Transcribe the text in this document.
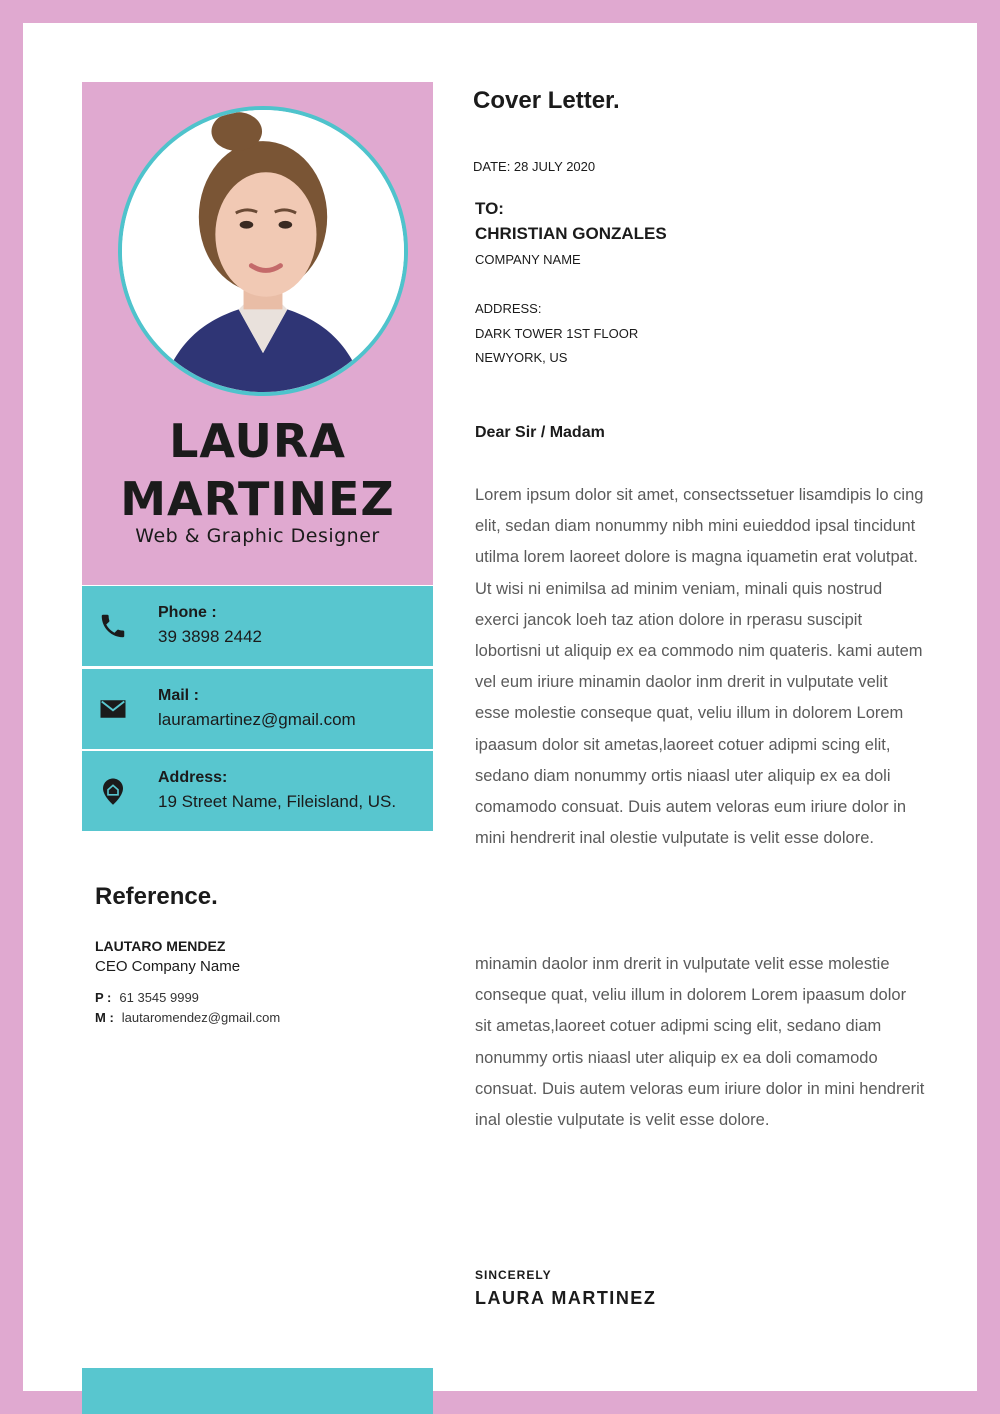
LAURA
MARTINEZ
Web & Graphic Designer
Phone :
39 3898 2442
Mail :
lauramartinez@gmail.com
Address:
19 Street Name, Fileisland, US.
Reference.
LAUTARO MENDEZ
CEO Company Name
P : 61 3545 9999
M : lautaromendez@gmail.com
Cover Letter.
DATE: 28 JULY 2020
TO:
CHRISTIAN GONZALES
COMPANY NAME
ADDRESS:
DARK TOWER 1ST FLOOR
NEWYORK, US
Dear Sir / Madam

Lorem ipsum dolor sit amet, consectssetuer lisamdipis lo cing elit, sedan diam nonummy nibh mini euieddod ipsal tincidunt utilma lorem laoreet dolore is magna iquametin erat volutpat. Ut wisi ni enimilsa ad minim veniam, minali quis nostrud exerci jancok loeh taz ation dolore in rperasu suscipit lobortisni ut aliquip ex ea commodo nim quateris. kami autem vel eum iriure minamin daolor inm drerit in vulputate velit esse molestie conseque quat, veliu illum in dolorem Lorem ipaasum dolor sit ametas,laoreet cotuer adipmi scing elit, sedano diam nonummy ortis niaasl uter aliquip ex ea doli comamodo consuat. Duis autem veloras eum iriure dolor in mini hendrerit inal olestie vulputate is velit esse dolore.

minamin daolor inm drerit in vulputate velit esse molestie conseque quat, veliu illum in dolorem Lorem ipaasum dolor sit ametas,laoreet cotuer adipmi scing elit, sedano diam nonummy ortis niaasl uter aliquip ex ea doli comamodo consuat. Duis autem veloras eum iriure dolor in mini hendrerit inal olestie vulputate is velit esse dolore.

SINCERELY
LAURA MARTINEZ
